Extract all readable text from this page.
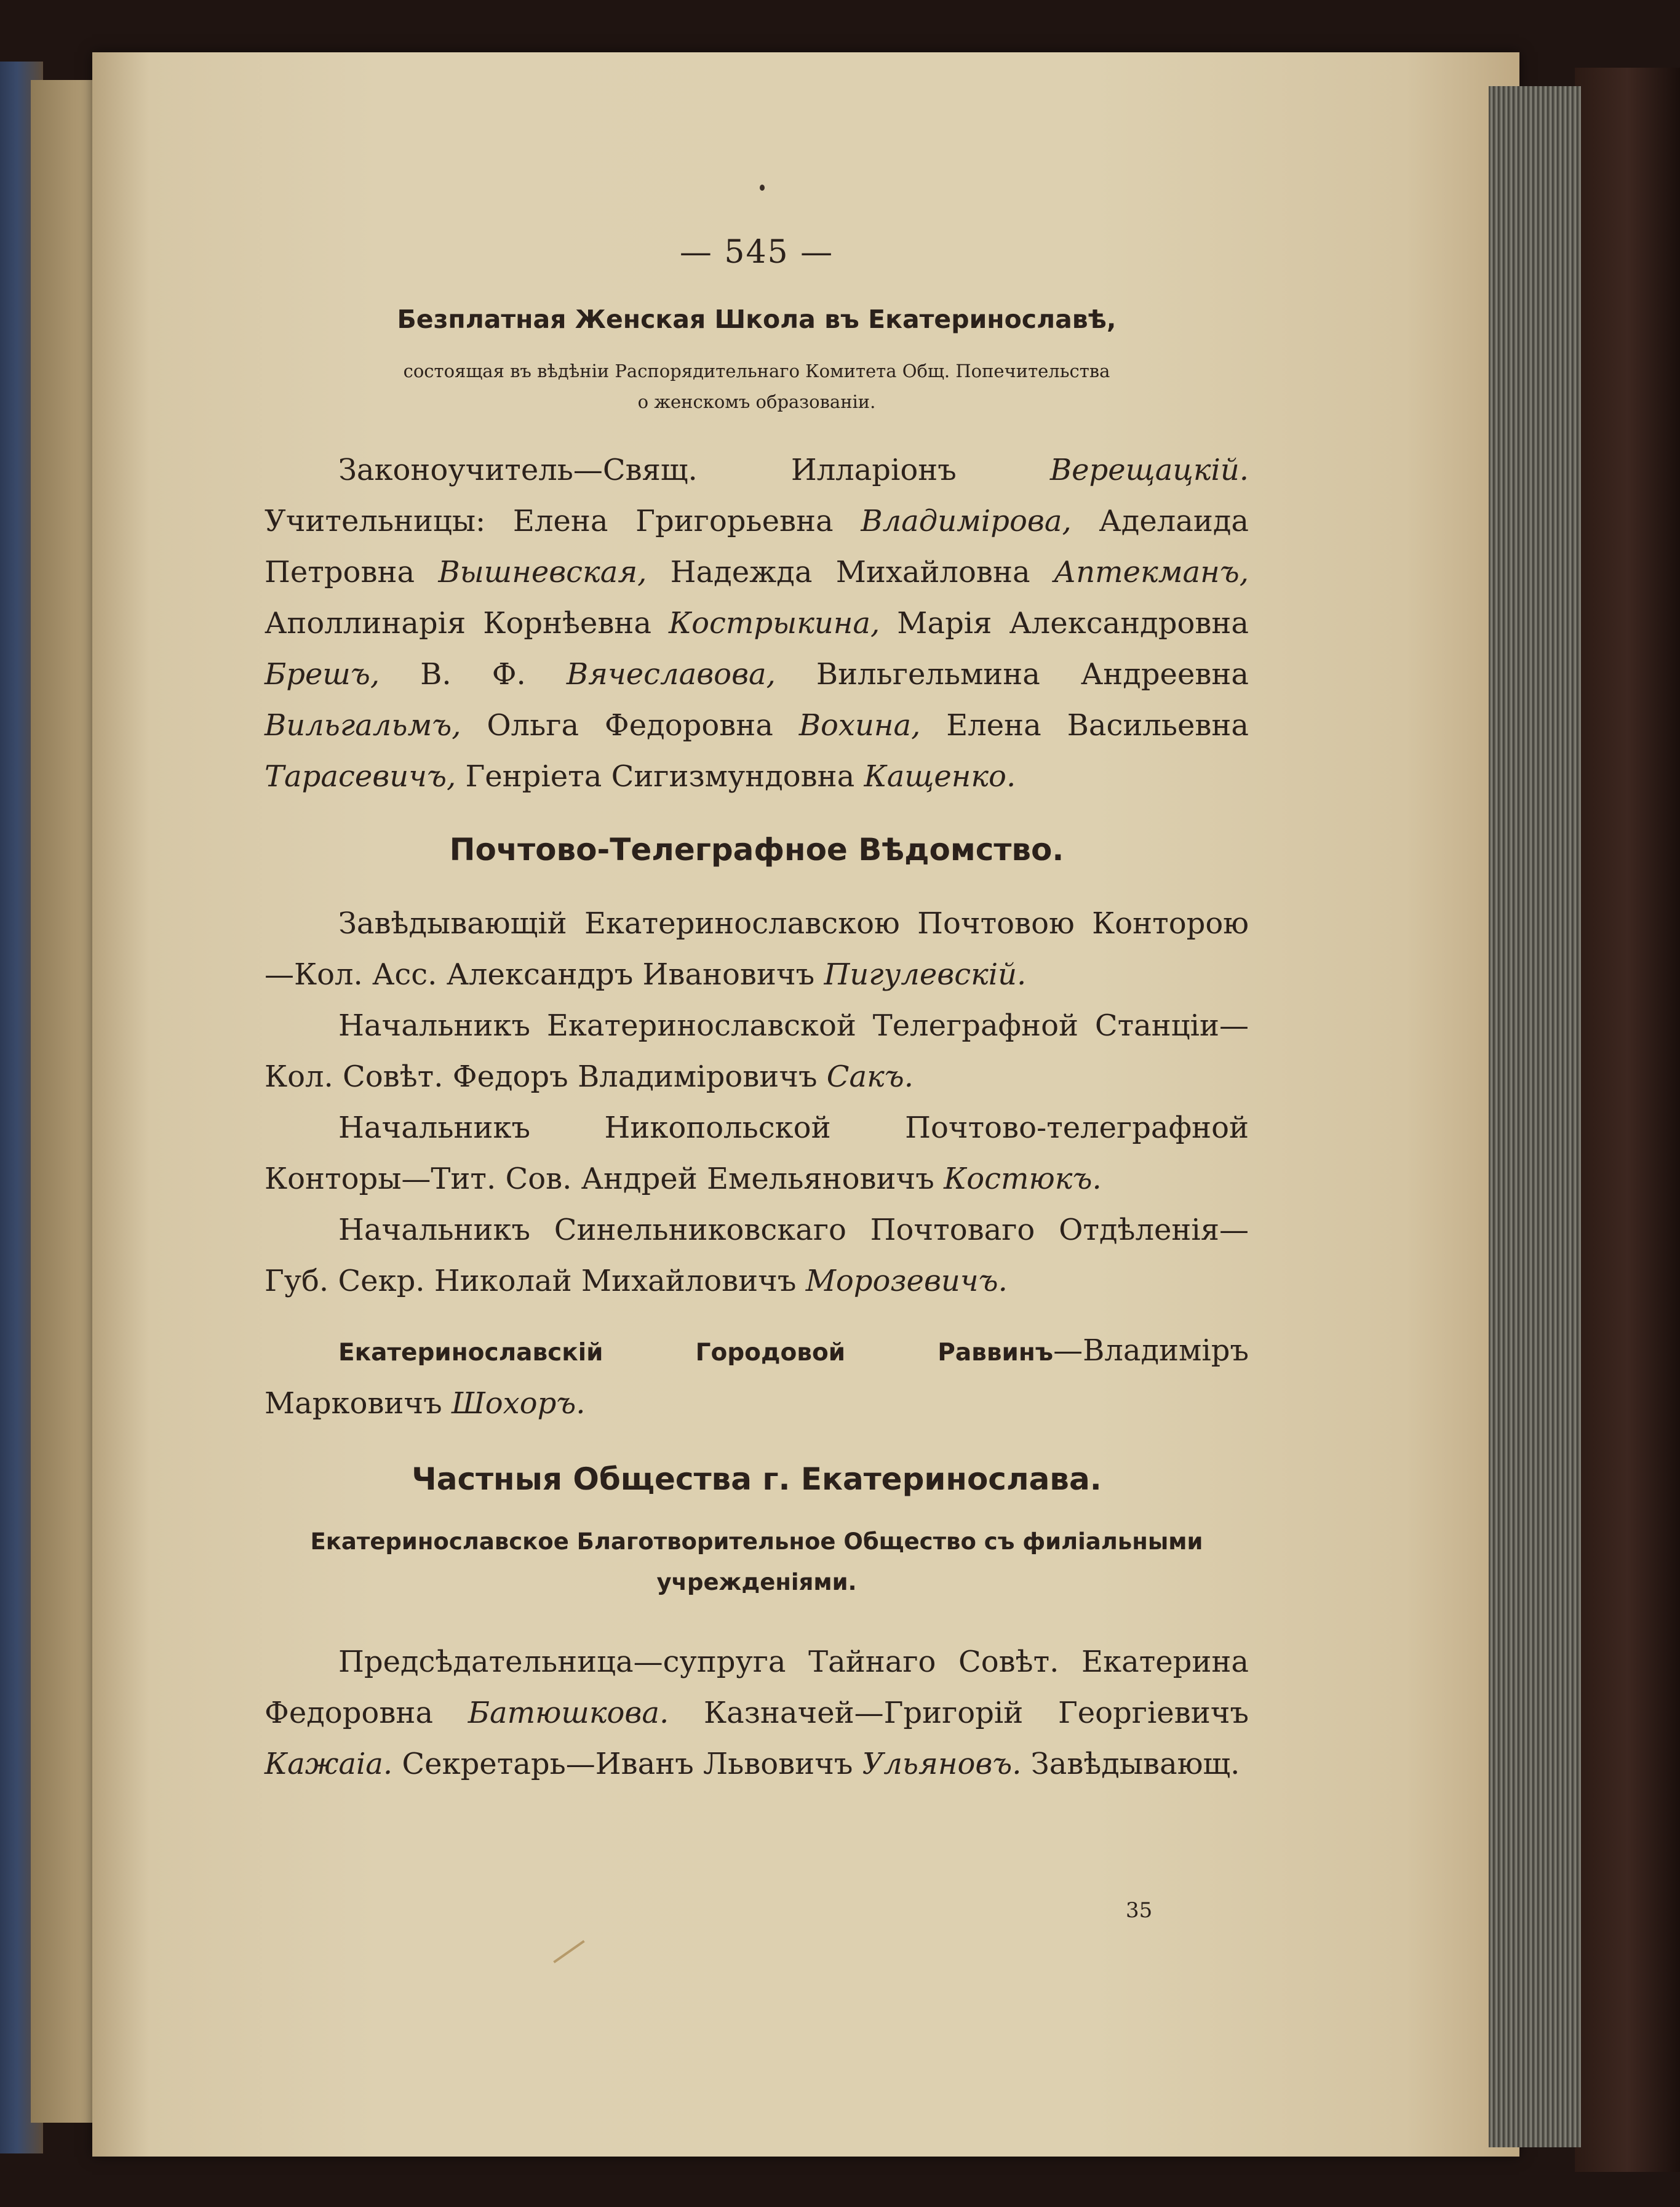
— 545 —

Безплатная Женская Школа въ Екатеринославѣ,

состоящая въ вѣдѣніи Распорядительнаго Комитета Общ. Попечительства
о женскомъ образованіи.

Законоучитель—Свящ. Илларіонъ Верещацкій. Учительницы: Елена Григорьевна Владимірова, Аделаида Петровна Вышневская, Надежда Михайловна Аптекманъ, Аполлинарія Корнѣевна Кострыкина, Марія Александровна Брешъ, В. Ф. Вячеславова, Вильгельмина Андреевна Вильгальмъ, Ольга Федоровна Вохина, Елена Васильевна Тарасевичъ, Генріета Сигизмундовна Кащенко.

Почтово-Телеграфное Вѣдомство.

Завѣдывающій Екатеринославскою Почтовою Конторою—Кол. Асс. Александръ Ивановичъ Пигулевскій.

Начальникъ Екатеринославской Телеграфной Станціи—Кол. Совѣт. Федоръ Владиміровичъ Сакъ.

Начальникъ Никопольской Почтово-телеграфной Конторы—Тит. Сов. Андрей Емельяновичъ Костюкъ.

Начальникъ Синельниковскаго Почтоваго Отдѣленія—Губ. Секр. Николай Михайловичъ Морозевичъ.

Екатеринославскій Городовой Раввинъ—Владиміръ Марковичъ Шохоръ.

Частныя Общества г. Екатеринослава.

Екатеринославское Благотворительное Общество съ филіальными
учрежденіями.

Предсѣдательница—супруга Тайнаго Совѣт. Екатерина Федоровна Батюшкова. Казначей—Григорій Георгіевичъ Кажаіа. Секретарь—Иванъ Львовичъ Ульяновъ. Завѣдывающ.

35
